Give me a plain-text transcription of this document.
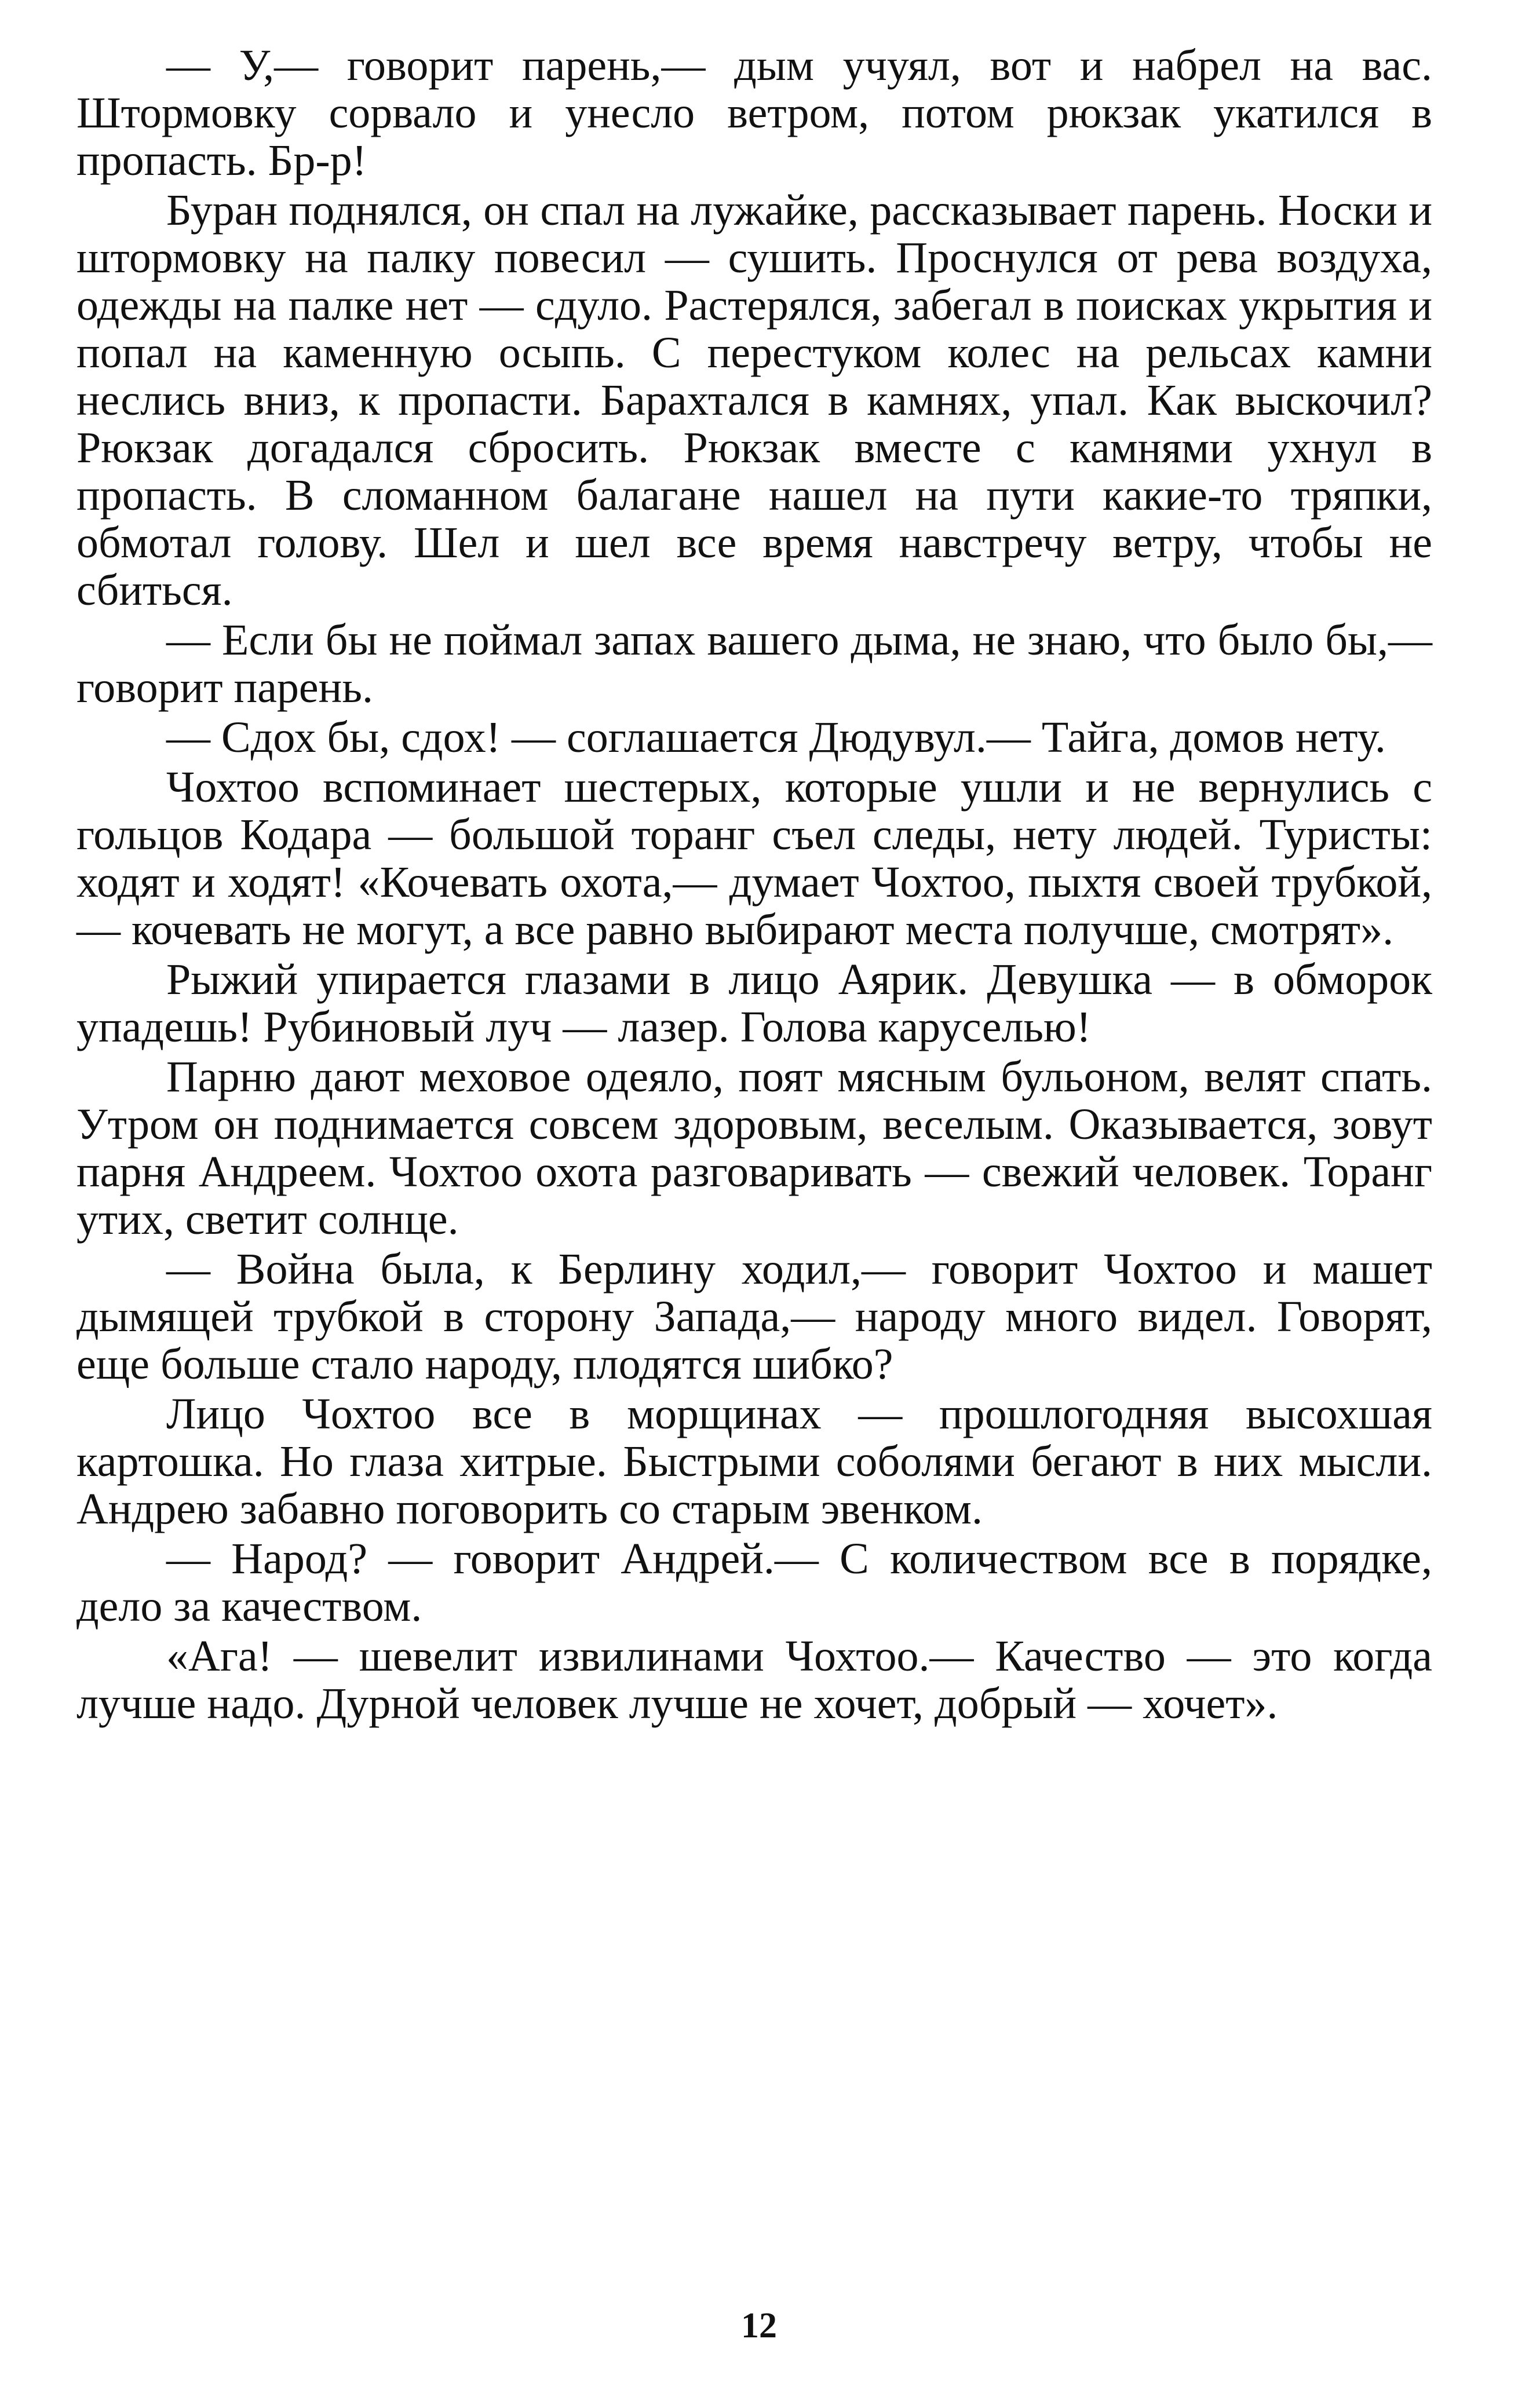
— У,— говорит парень,— дым учуял, вот и набрел на вас. Штормовку сорвало и унесло ветром, потом рюкзак укатился в пропасть. Бр-р!

Буран поднялся, он спал на лужайке, рассказывает парень. Носки и штормовку на палку повесил — сушить. Проснулся от рева воздуха, одежды на палке нет — сдуло. Растерялся, забегал в поисках укрытия и попал на каменную осыпь. С перестуком колес на рельсах камни неслись вниз, к пропасти. Барахтался в камнях, упал. Как выскочил? Рюкзак догадался сбросить. Рюкзак вместе с камнями ухнул в пропасть. В сломанном балагане нашел на пути какие-то тряпки, обмотал голову. Шел и шел все время навстречу ветру, чтобы не сбиться.

— Если бы не поймал запах вашего дыма, не знаю, что было бы,— говорит парень.

— Сдох бы, сдох! — соглашается Дюдувул.— Тайга, домов нету.

Чохтоо вспоминает шестерых, которые ушли и не вернулись с гольцов Кодара — большой торанг съел следы, нету людей. Туристы: ходят и ходят! «Кочевать охота,— думает Чохтоо, пыхтя своей трубкой,— кочевать не могут, а все равно выбирают места получше, смотрят».

Рыжий упирается глазами в лицо Аярик. Девушка — в обморок упадешь! Рубиновый луч — лазер. Голова каруселью!

Парню дают меховое одеяло, поят мясным бульоном, велят спать. Утром он поднимается совсем здоровым, веселым. Оказывается, зовут парня Андреем. Чохтоо охота разговаривать — свежий человек. Торанг утих, светит солнце.

— Война была, к Берлину ходил,— говорит Чохтоо и машет дымящей трубкой в сторону Запада,— народу много видел. Говорят, еще больше стало народу, плодятся шибко?

Лицо Чохтоо все в морщинах — прошлогодняя высохшая картошка. Но глаза хитрые. Быстрыми соболями бегают в них мысли. Андрею забавно поговорить со старым эвенком.

— Народ? — говорит Андрей.— С количеством все в порядке, дело за качеством.

«Ага! — шевелит извилинами Чохтоо.— Качество — это когда лучше надо. Дурной человек лучше не хочет, добрый — хочет».

12
